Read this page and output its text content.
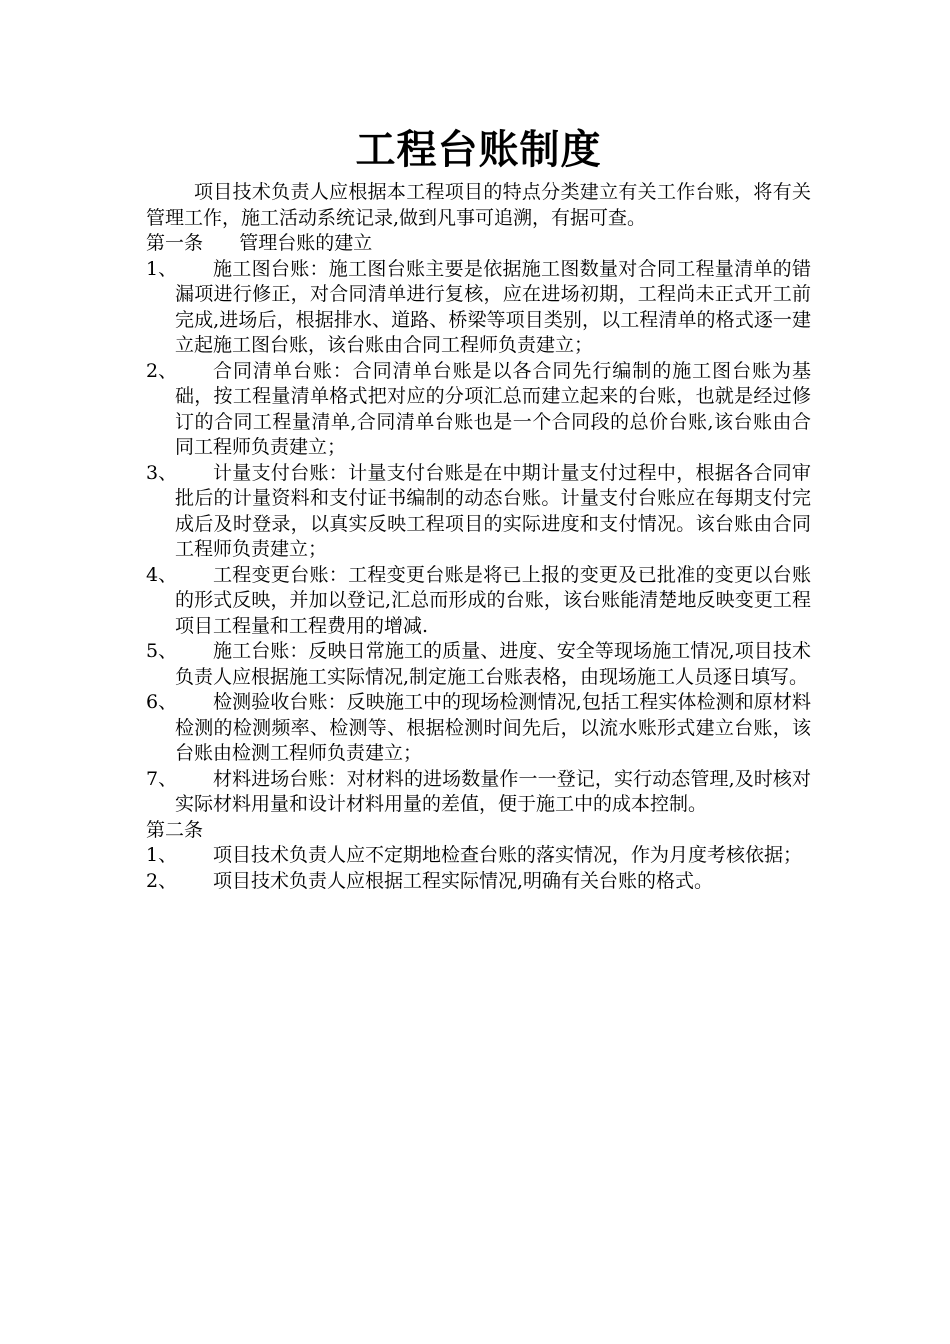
工程台账制度

项目技术负责人应根据本工程项目的特点分类建立有关工作台账，将有关管理工作，施工活动系统记录,做到凡事可追溯，有据可查。

第一条      管理台账的建立

1、	施工图台账：施工图台账主要是依据施工图数量对合同工程量清单的错漏项进行修正，对合同清单进行复核，应在进场初期，工程尚未正式开工前完成,进场后，根据排水、道路、桥梁等项目类别，以工程清单的格式逐一建立起施工图台账，该台账由合同工程师负责建立；
2、	合同清单台账：合同清单台账是以各合同先行编制的施工图台账为基础，按工程量清单格式把对应的分项汇总而建立起来的台账，也就是经过修订的合同工程量清单,合同清单台账也是一个合同段的总价台账,该台账由合同工程师负责建立；
3、	计量支付台账：计量支付台账是在中期计量支付过程中，根据各合同审批后的计量资料和支付证书编制的动态台账。计量支付台账应在每期支付完成后及时登录，以真实反映工程项目的实际进度和支付情况。该台账由合同工程师负责建立；
4、	工程变更台账：工程变更台账是将已上报的变更及已批准的变更以台账的形式反映，并加以登记,汇总而形成的台账，该台账能清楚地反映变更工程项目工程量和工程费用的增减.
5、	施工台账：反映日常施工的质量、进度、安全等现场施工情况,项目技术负责人应根据施工实际情况,制定施工台账表格，由现场施工人员逐日填写。
6、	检测验收台账：反映施工中的现场检测情况,包括工程实体检测和原材料检测的检测频率、检测等、根据检测时间先后，以流水账形式建立台账，该台账由检测工程师负责建立；
7、	材料进场台账：对材料的进场数量作一一登记，实行动态管理,及时核对实际材料用量和设计材料用量的差值，便于施工中的成本控制。

第二条

1、	项目技术负责人应不定期地检查台账的落实情况，作为月度考核依据；
2、	项目技术负责人应根据工程实际情况,明确有关台账的格式。
